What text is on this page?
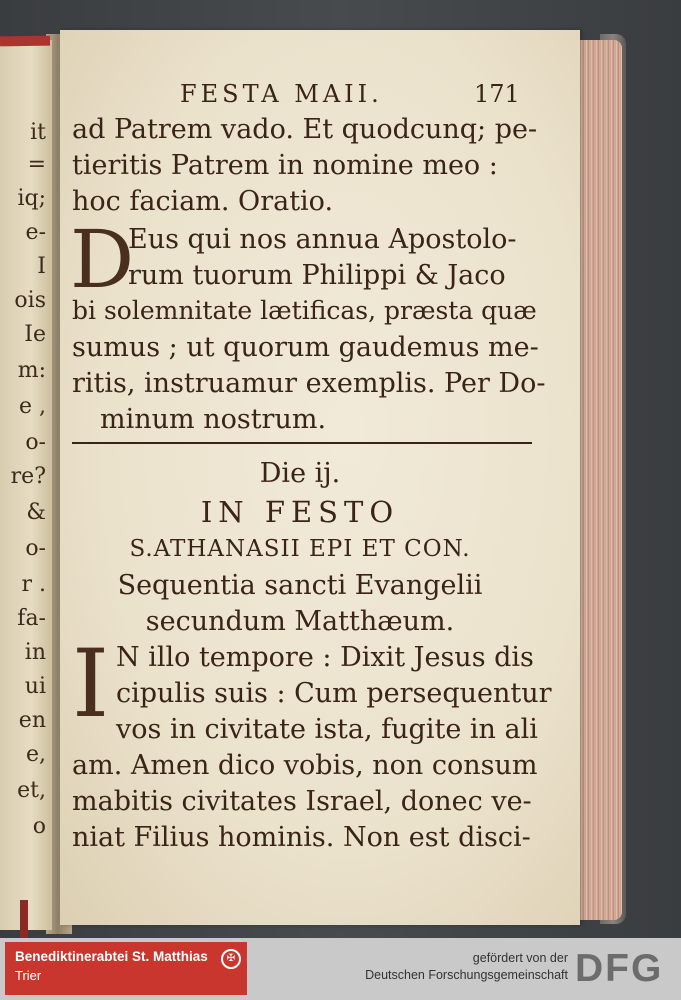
it
=
iq;
e-
I
ois
Ie
m:
e ,
o-
re?
&
o-
r .
fa-
in
ui
en
e,
et,
o
FESTA MAII.	171
ad Patrem vado. Et quodcunq; pe-
tieritis Patrem in nomine meo :
hoc faciam. Oratio.
D
Eus qui nos annua Apostolo-
rum tuorum Philippi & Jaco
bi solemnitate lætificas, præsta quæ
sumus ; ut quorum gaudemus me-
ritis, instruamur exemplis. Per Do-
minum nostrum.
Die ij.
IN FESTO
S.ATHANASII EPI ET CON.
Sequentia sancti Evangelii
secundum Matthæum.
I N illo tempore : Dixit Jesus dis
cipulis suis : Cum persequentur
vos in civitate ista, fugite in ali
am. Amen dico vobis, non consum
mabitis civitates Israel, donec ve-
niat Filius hominis. Non est disci-
Benediktinerabtei St. Matthias
Trier
✠	gefördert von der
Deutschen Forschungsgemeinschaft DFG
